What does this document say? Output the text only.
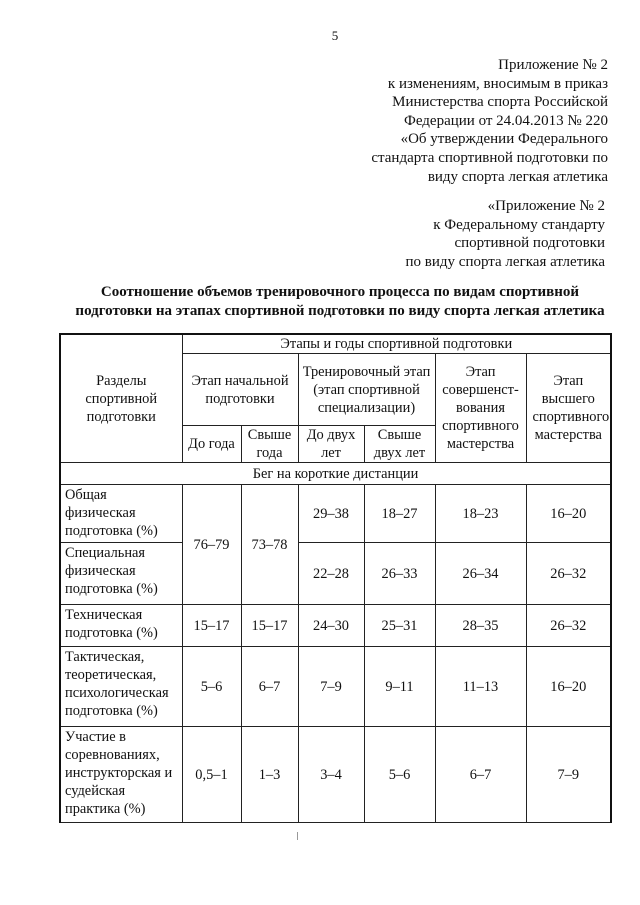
5
Приложение № 2
к изменениям, вносимым в приказ
Министерства спорта Российской
Федерации от 24.04.2013 № 220
«Об утверждении Федерального
стандарта спортивной подготовки по
виду спорта легкая атлетика
«Приложение № 2
к Федеральному стандарту
спортивной подготовки
по виду спорта легкая атлетика
Соотношение объемов тренировочного процесса по видам спортивной
подготовки на этапах спортивной подготовки по виду спорта легкая атлетика
Разделы спортивной подготовки	Этапы и годы спортивной подготовки					
	Этап начальной подготовки		Тренировочный этап (этап спортивной специализации)		Этап совершенст-вования спортивного мастерства	Этап высшего спортивного мастерства
	До года	Свыше года	До двух лет	Свыше двух лет		
Бег на короткие дистанции						
Общая физическая подготовка (%)	76–79	73–78	29–38	18–27	18–23	16–20
Специальная физическая подготовка (%)			22–28	26–33	26–34	26–32
Техническая подготовка (%)	15–17	15–17	24–30	25–31	28–35	26–32
Тактическая, теоретическая, психологическая подготовка (%)	5–6	6–7	7–9	9–11	11–13	16–20
Участие в соревнованиях, инструкторская и судейская практика (%)	0,5–1	1–3	3–4	5–6	6–7	7–9
